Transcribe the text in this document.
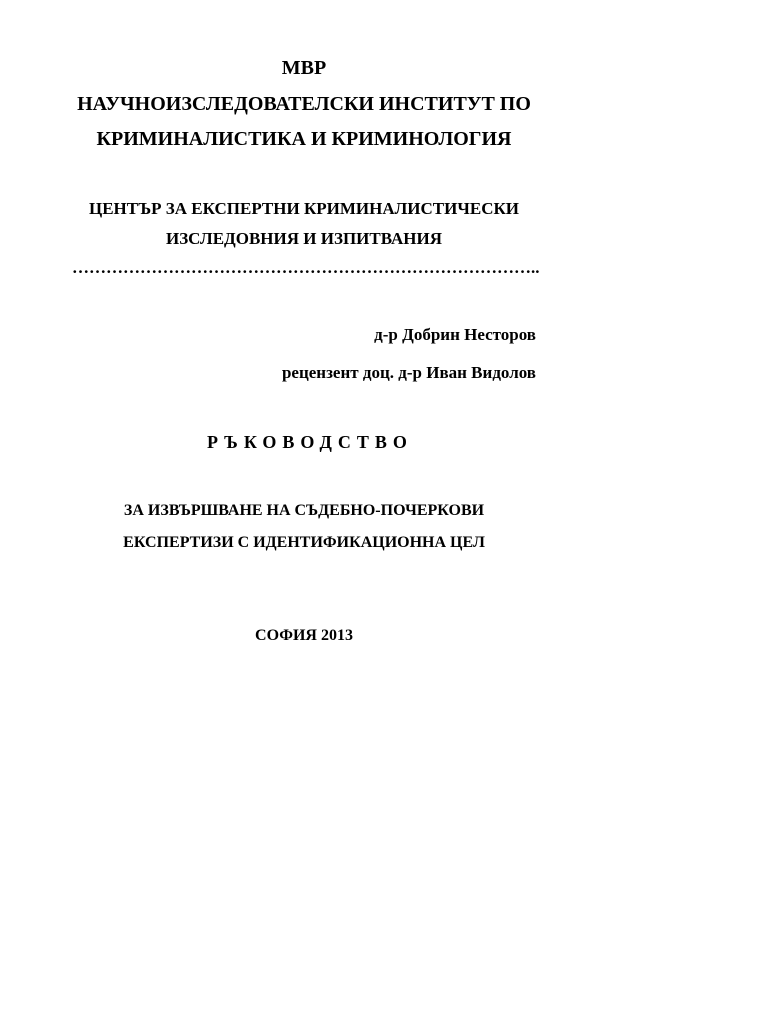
МВР
НАУЧНОИЗСЛЕДОВАТЕЛСКИ ИНСТИТУТ ПО
КРИМИНАЛИСТИКА И КРИМИНОЛОГИЯ
ЦЕНТЪР ЗА ЕКСПЕРТНИ КРИМИНАЛИСТИЧЕСКИ
ИЗСЛЕДОВНИЯ И ИЗПИТВАНИЯ
………………………………………………………………………..
д-р Добрин Несторов
рецензент доц. д-р Иван Видолов
РЪКОВОДСТВО
ЗА ИЗВЪРШВАНЕ НА СЪДЕБНО-ПОЧЕРКОВИ
ЕКСПЕРТИЗИ С ИДЕНТИФИКАЦИОННА ЦЕЛ
СОФИЯ 2013
